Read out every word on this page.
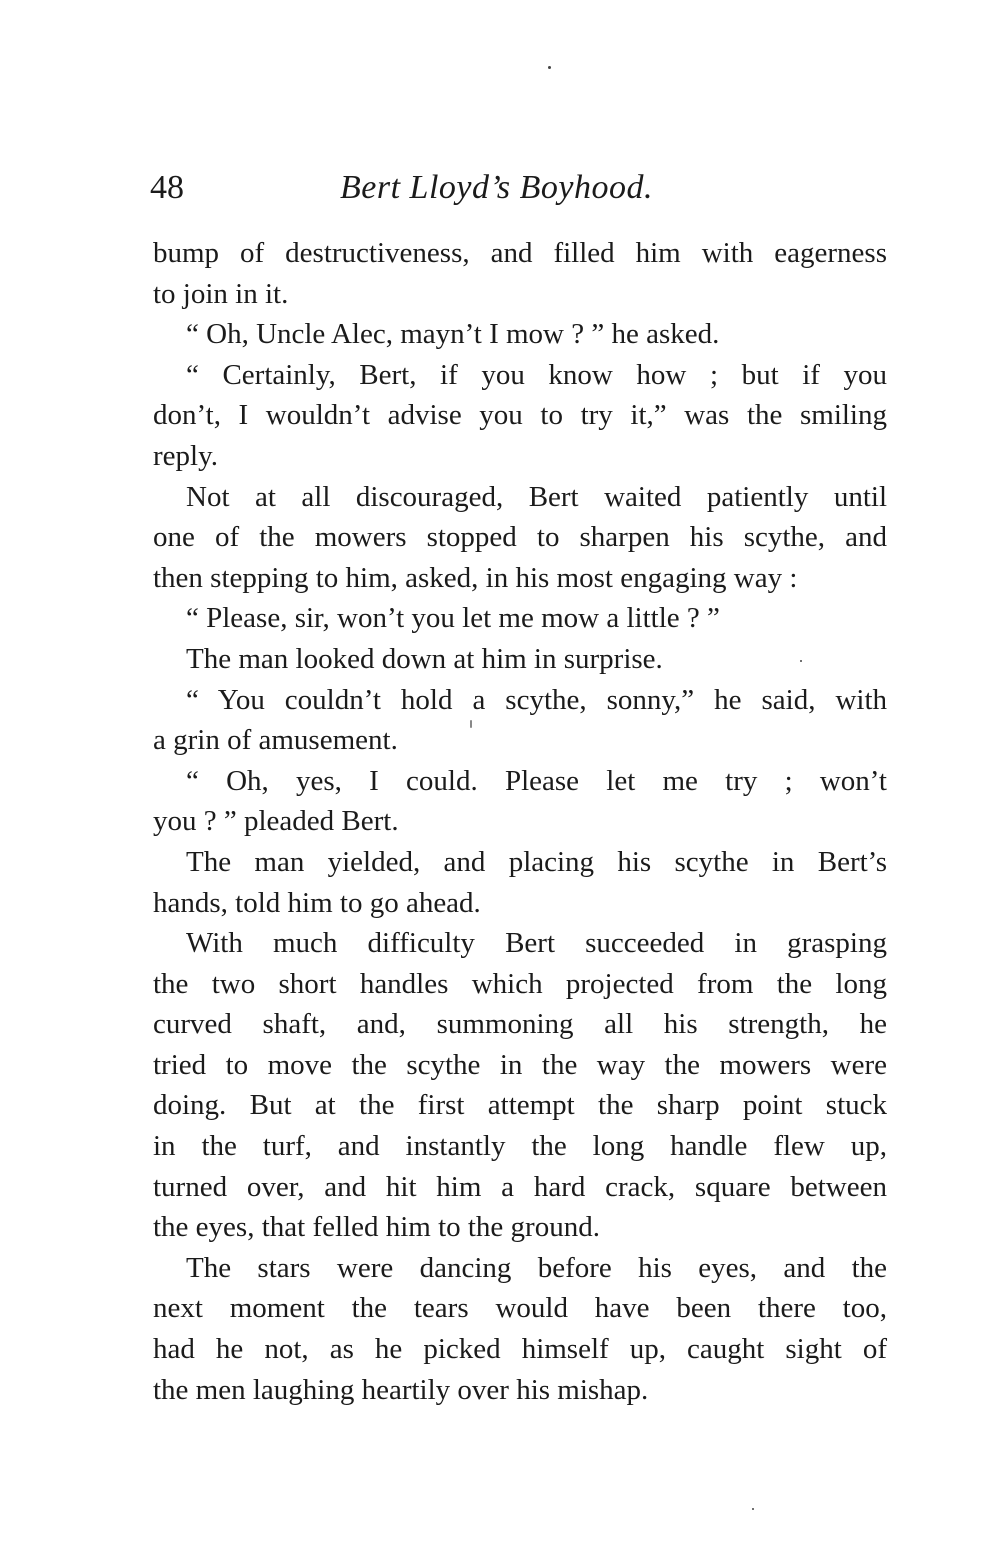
48	Bert Lloyd’s Boyhood.
bump of destructiveness, and filled him with eagerness
to join in it.
“ Oh, Uncle Alec, mayn’t I mow ? ” he asked.
“ Certainly, Bert, if you know how ; but if you
don’t, I wouldn’t advise you to try it,” was the smiling
reply.
Not at all discouraged, Bert waited patiently until
one of the mowers stopped to sharpen his scythe, and
then stepping to him, asked, in his most engaging way :
“ Please, sir, won’t you let me mow a little ? ”
The man looked down at him in surprise.
“ You couldn’t hold a scythe, sonny,” he said, with
a grin of amusement.
“ Oh, yes, I could. Please let me try ; won’t
you ? ” pleaded Bert.
The man yielded, and placing his scythe in Bert’s
hands, told him to go ahead.
With much difficulty Bert succeeded in grasping
the two short handles which projected from the long
curved shaft, and, summoning all his strength, he
tried to move the scythe in the way the mowers were
doing. But at the first attempt the sharp point stuck
in the turf, and instantly the long handle flew up,
turned over, and hit him a hard crack, square between
the eyes, that felled him to the ground.
The stars were dancing before his eyes, and the
next moment the tears would have been there too,
had he not, as he picked himself up, caught sight of
the men laughing heartily over his mishap.
